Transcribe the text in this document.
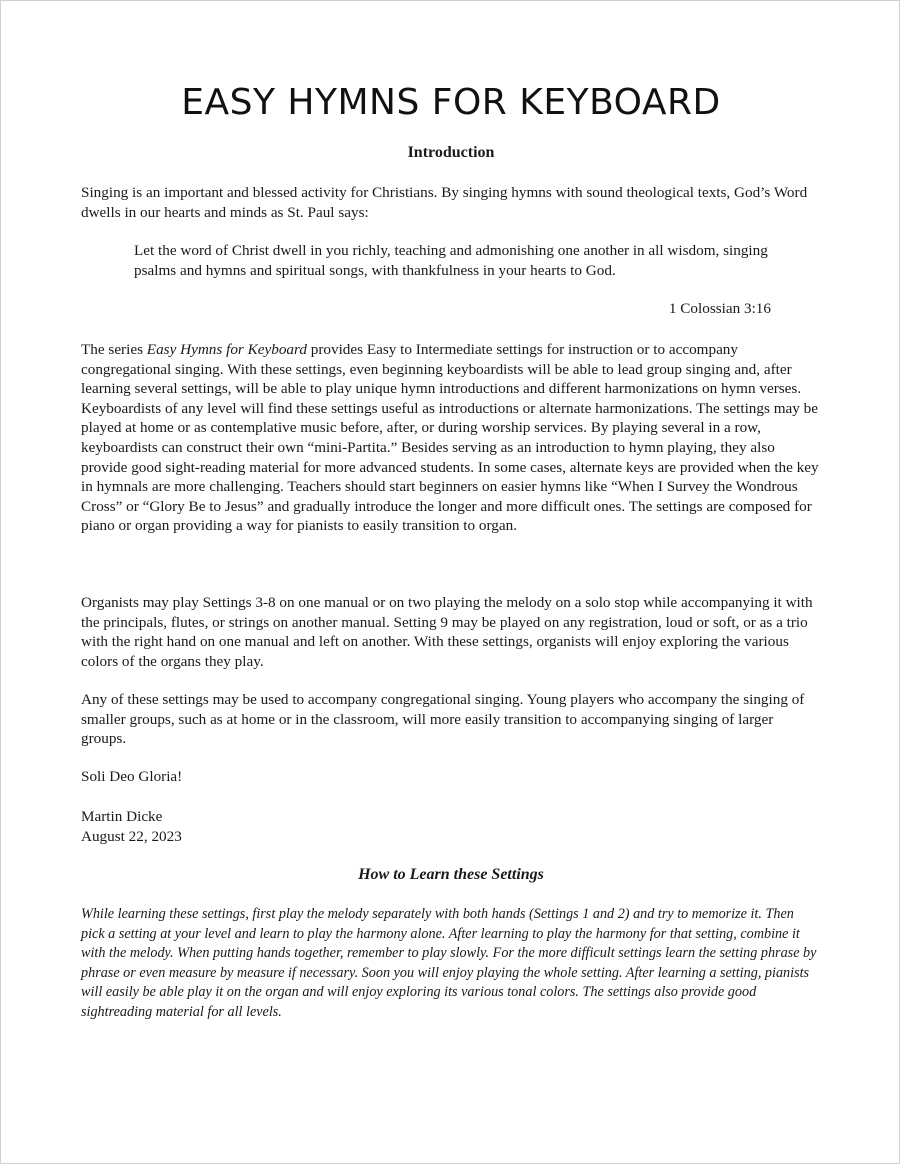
EASY HYMNS FOR KEYBOARD
Introduction

Singing is an important and blessed activity for Christians. By singing hymns with sound theological texts, God’s Word dwells in our hearts and minds as St. Paul says:

Let the word of Christ dwell in you richly, teaching and admonishing one another in all wisdom, singing psalms and hymns and spiritual songs, with thankfulness in your hearts to God.

1 Colossian 3:16

The series Easy Hymns for Keyboard provides Easy to Intermediate settings for instruction or to accompany congregational singing. With these settings, even beginning keyboardists will be able to lead group singing and, after learning several settings, will be able to play unique hymn introductions and different harmonizations on hymn verses. Keyboardists of any level will find these settings useful as introductions or alternate harmonizations. The settings may be played at home or as contemplative music before, after, or during worship services. By playing several in a row, keyboardists can construct their own “mini-Partita.” Besides serving as an introduction to hymn playing, they also provide good sight-reading material for more advanced students. In some cases, alternate keys are provided when the key in hymnals are more challenging. Teachers should start beginners on easier hymns like “When I Survey the Wondrous Cross” or “Glory Be to Jesus” and gradually introduce the longer and more difficult ones. The settings are composed for piano or organ providing a way for pianists to easily transition to organ.

Organists may play Settings 3-8 on one manual or on two playing the melody on a solo stop while accompanying it with the principals, flutes, or strings on another manual. Setting 9 may be played on any registration, loud or soft, or as a trio with the right hand on one manual and left on another. With these settings, organists will enjoy exploring the various colors of the organs they play.

Any of these settings may be used to accompany congregational singing. Young players who accompany the singing of smaller groups, such as at home or in the classroom, will more easily transition to accompanying singing of larger groups.

Soli Deo Gloria!

Martin Dicke

August 22, 2023

How to Learn these Settings

While learning these settings, first play the melody separately with both hands (Settings 1 and 2) and try to memorize it. Then pick a setting at your level and learn to play the harmony alone. After learning to play the harmony for that setting, combine it with the melody. When putting hands together, remember to play slowly. For the more difficult settings learn the setting phrase by phrase or even measure by measure if necessary. Soon you will enjoy playing the whole setting. After learning a setting, pianists will easily be able play it on the organ and will enjoy exploring its various tonal colors. The settings also provide good sightreading material for all levels.
